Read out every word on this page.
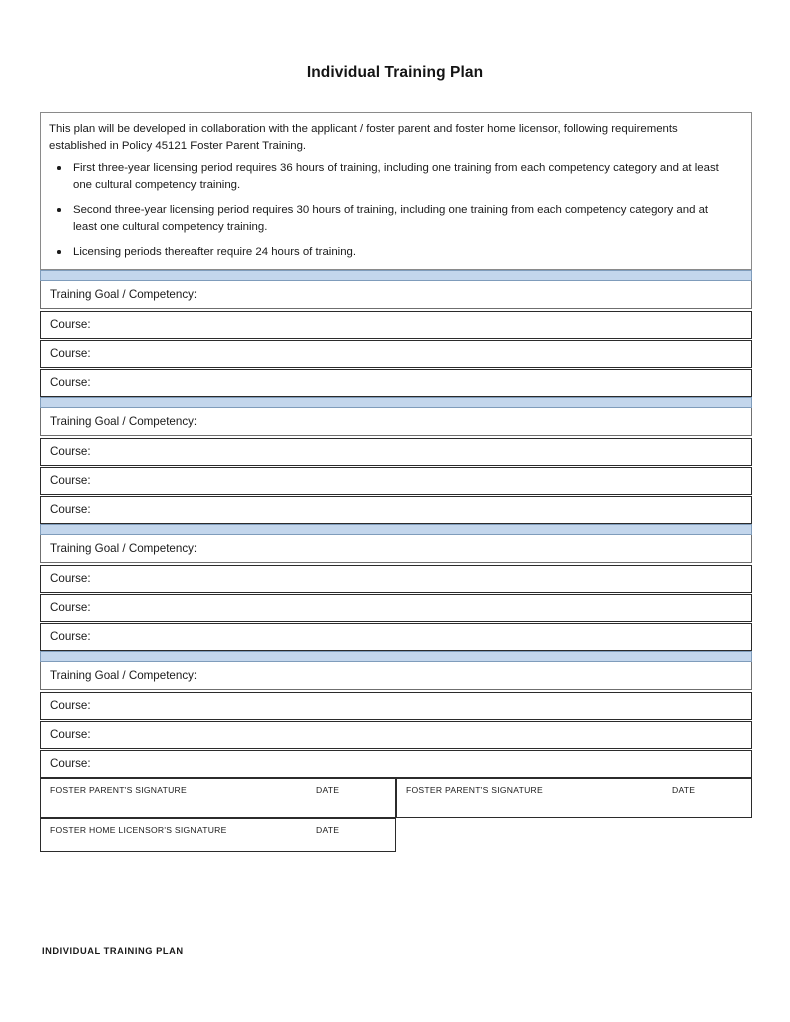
Individual Training Plan

This plan will be developed in collaboration with the applicant / foster parent and foster home licensor, following requirements established in Policy 45121 Foster Parent Training.

First three-year licensing period requires 36 hours of training, including one training from each competency category and at least one cultural competency training.
Second three-year licensing period requires 30 hours of training, including one training from each competency category and at least one cultural competency training.
Licensing periods thereafter require 24 hours of training.
Training Goal / Competency:
Course:
Course:
Course:
Training Goal / Competency:
Course:
Course:
Course:
Training Goal / Competency:
Course:
Course:
Course:
Training Goal / Competency:
Course:
Course:
Course:
FOSTER PARENT'S SIGNATURE	DATE	FOSTER PARENT'S SIGNATURE	DATE
FOSTER HOME LICENSOR'S SIGNATURE	DATE
INDIVIDUAL TRAINING PLAN
